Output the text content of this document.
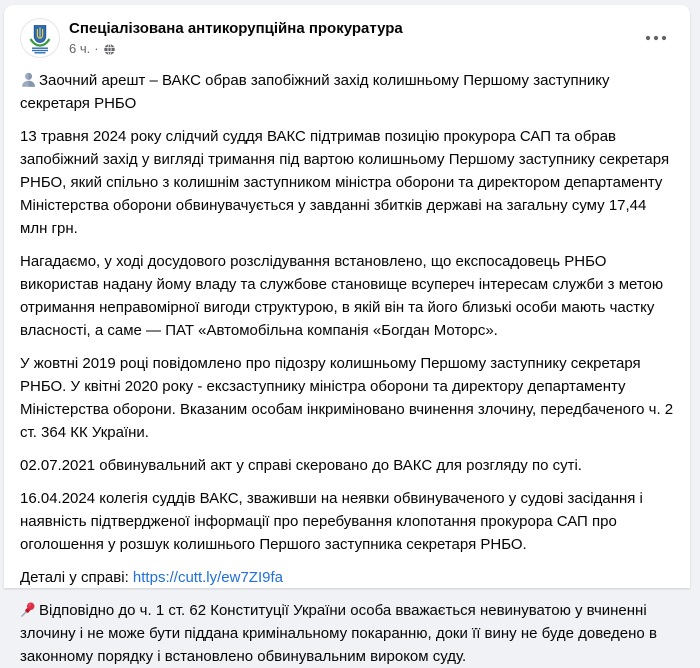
Спеціалізована антикорупційна прокуратура
6 ч. ·

Заочний арешт – ВАКС обрав запобіжний захід колишньому Першому заступнику секретаря РНБО

13 травня 2024 року слідчий суддя ВАКС підтримав позицію прокурора САП та обрав запобіжний захід у вигляді тримання під вартою колишньому Першому заступнику секретаря РНБО, який спільно з колишнім заступником міністра оборони та директором департаменту Міністерства оборони обвинувачується у завданні збитків державі на загальну суму 17,44 млн грн.

Нагадаємо, у ході досудового розслідування встановлено, що експосадовець РНБО використав надану йому владу та службове становище всупереч інтересам служби з метою отримання неправомірної вигоди структурою, в якій він та його близькі особи мають частку власності, а саме — ПАТ «Автомобільна компанія «Богдан Моторс».

У жовтні 2019 році повідомлено про підозру колишньому Першому заступнику секретаря РНБО. У квітні 2020 року - ексзаступнику міністра оборони та директору департаменту Міністерства оборони. Вказаним особам інкриміновано вчинення злочину, передбаченого ч. 2 ст. 364 КК України.

02.07.2021 обвинувальний акт у справі скеровано до ВАКС для розгляду по суті.

16.04.2024 колегія суддів ВАКС, зваживши на неявки обвинуваченого у судові засідання і наявність підтвердженої інформації про перебування клопотання прокурора САП про оголошення у розшук колишнього Першого заступника секретаря РНБО.

Деталі у справі: https://cutt.ly/ew7ZI9fa

Відповідно до ч. 1 ст. 62 Конституції України особа вважається невинуватою у вчиненні злочину і не може бути піддана кримінальному покаранню, доки її вину не буде доведено в законному порядку і встановлено обвинувальним вироком суду.
